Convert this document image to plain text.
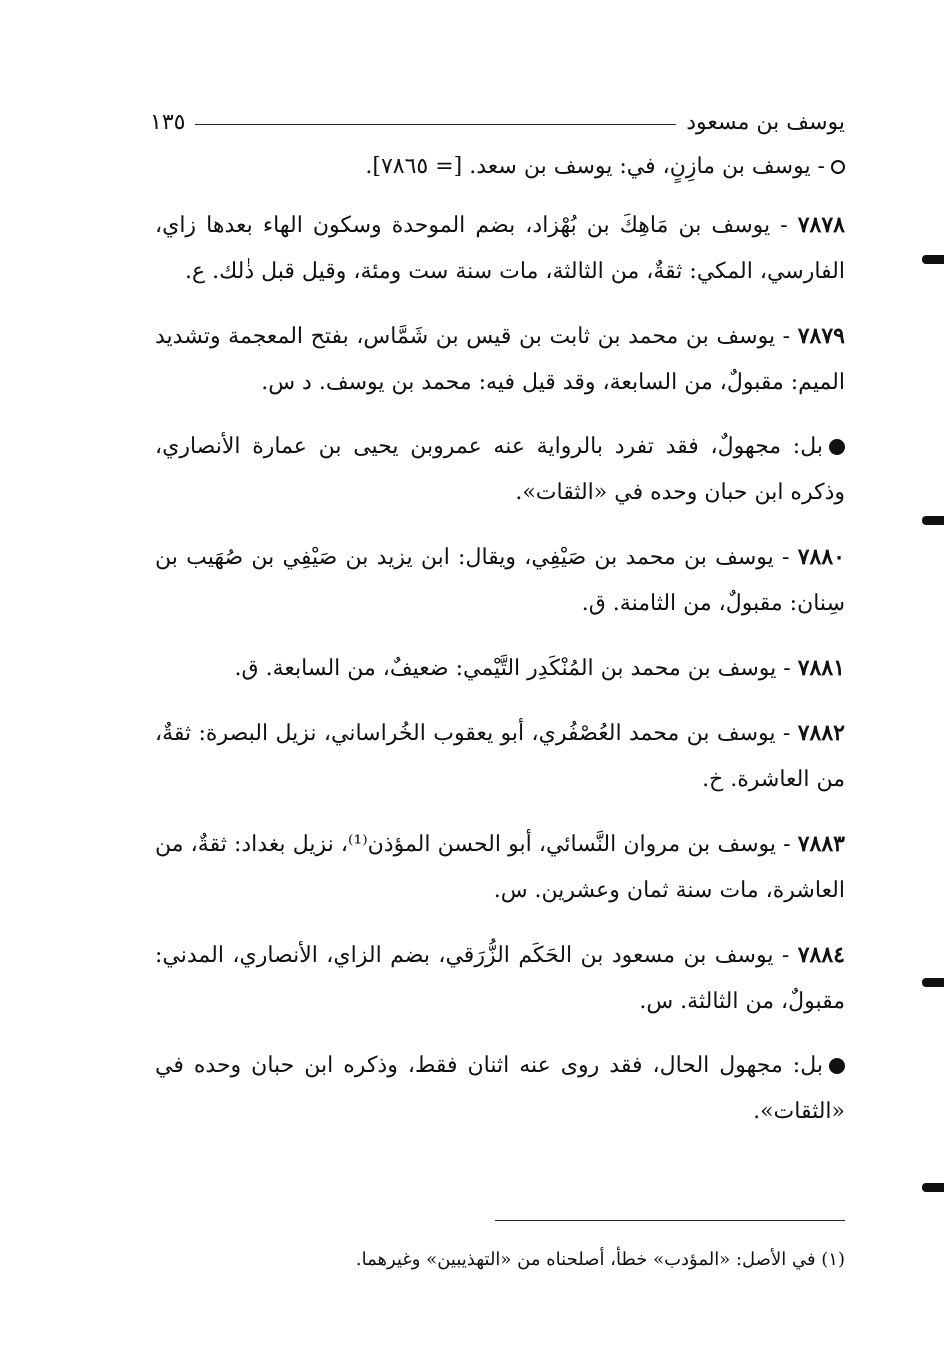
يوسف بن مسعود
١٣٥

- يوسف بن مازِنٍ، في: يوسف بن سعد. [= ٧٨٦٥].

٧٨٧٨ - يوسف بن مَاهِكَ بن بُهْزاد، بضم الموحدة وسكون الهاء بعدها زاي، الفارسي، المكي: ثقةٌ، من الثالثة، مات سنة ست ومئة، وقيل قبل ذٰلك. ع.

٧٨٧٩ - يوسف بن محمد بن ثابت بن قيس بن شَمَّاس، بفتح المعجمة وتشديد الميم: مقبولٌ، من السابعة، وقد قيل فيه: محمد بن يوسف. د س.

بل: مجهولٌ، فقد تفرد بالرواية عنه عمروبن يحيى بن عمارة الأنصاري، وذكره ابن حبان وحده في «الثقات».

٧٨٨٠ - يوسف بن محمد بن صَيْفِي، ويقال: ابن يزيد بن صَيْفِي بن صُهَيب بن سِنان: مقبولٌ، من الثامنة. ق.

٧٨٨١ - يوسف بن محمد بن المُنْكَدِر التَّيْمي: ضعيفٌ، من السابعة. ق.

٧٨٨٢ - يوسف بن محمد العُصْفُري، أبو يعقوب الخُراساني، نزيل البصرة: ثقةٌ، من العاشرة. خ.

٧٨٨٣ - يوسف بن مروان النَّسائي، أبو الحسن المؤذن⁽¹⁾، نزيل بغداد: ثقةٌ، من العاشرة، مات سنة ثمان وعشرين. س.

٧٨٨٤ - يوسف بن مسعود بن الحَكَم الزُّرَقي، بضم الزاي، الأنصاري، المدني: مقبولٌ، من الثالثة. س.

بل: مجهول الحال، فقد روى عنه اثنان فقط، وذكره ابن حبان وحده في «الثقات».

(١) في الأصل: «المؤدب» خطأ، أصلحناه من «التهذيبين» وغيرهما.
